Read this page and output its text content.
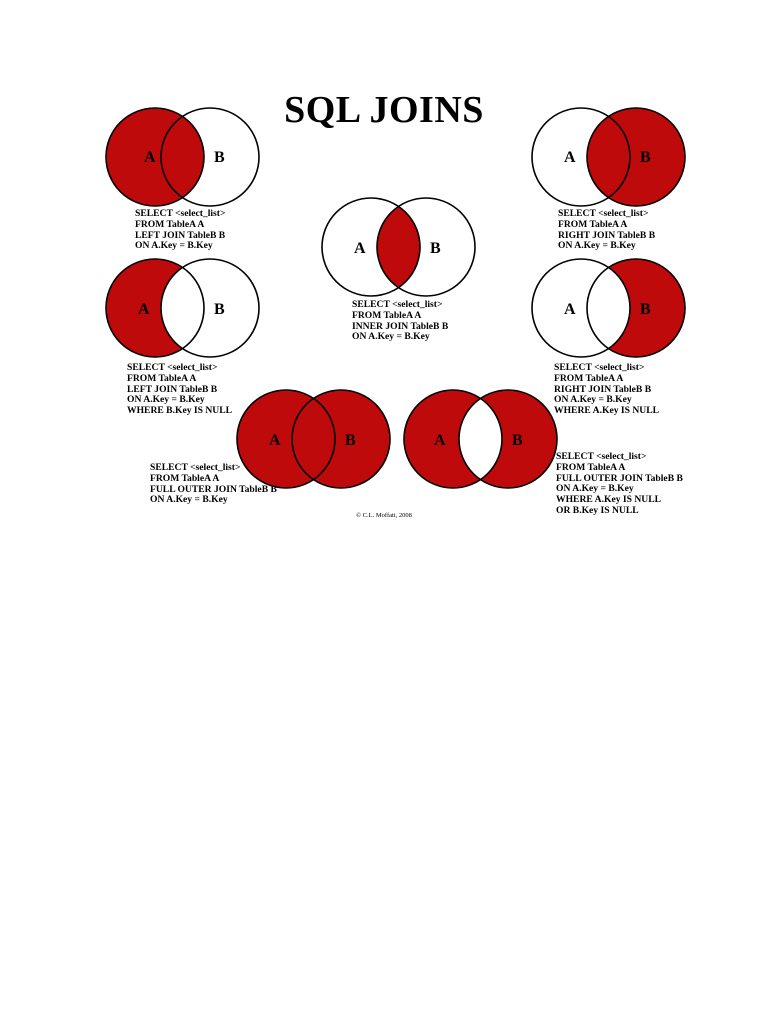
SQL JOINS
A	B
SELECT <select_list>
FROM TableA A
LEFT JOIN TableB B
ON A.Key = B.Key
A	B
SELECT <select_list>
FROM TableA A
RIGHT JOIN TableB B
ON A.Key = B.Key
A	B
SELECT <select_list>
FROM TableA A
INNER JOIN TableB B
ON A.Key = B.Key
A	B
SELECT <select_list>
FROM TableA A
LEFT JOIN TableB B
ON A.Key = B.Key
WHERE B.Key IS NULL
A	B
SELECT <select_list>
FROM TableA A
RIGHT JOIN TableB B
ON A.Key = B.Key
WHERE A.Key IS NULL
A	B
SELECT <select_list>
FROM TableA A
FULL OUTER JOIN TableB B
ON A.Key = B.Key
A	B
SELECT <select_list>
FROM TableA A
FULL OUTER JOIN TableB B
ON A.Key = B.Key
WHERE A.Key IS NULL
OR B.Key IS NULL
© C.L. Moffatt, 2008
